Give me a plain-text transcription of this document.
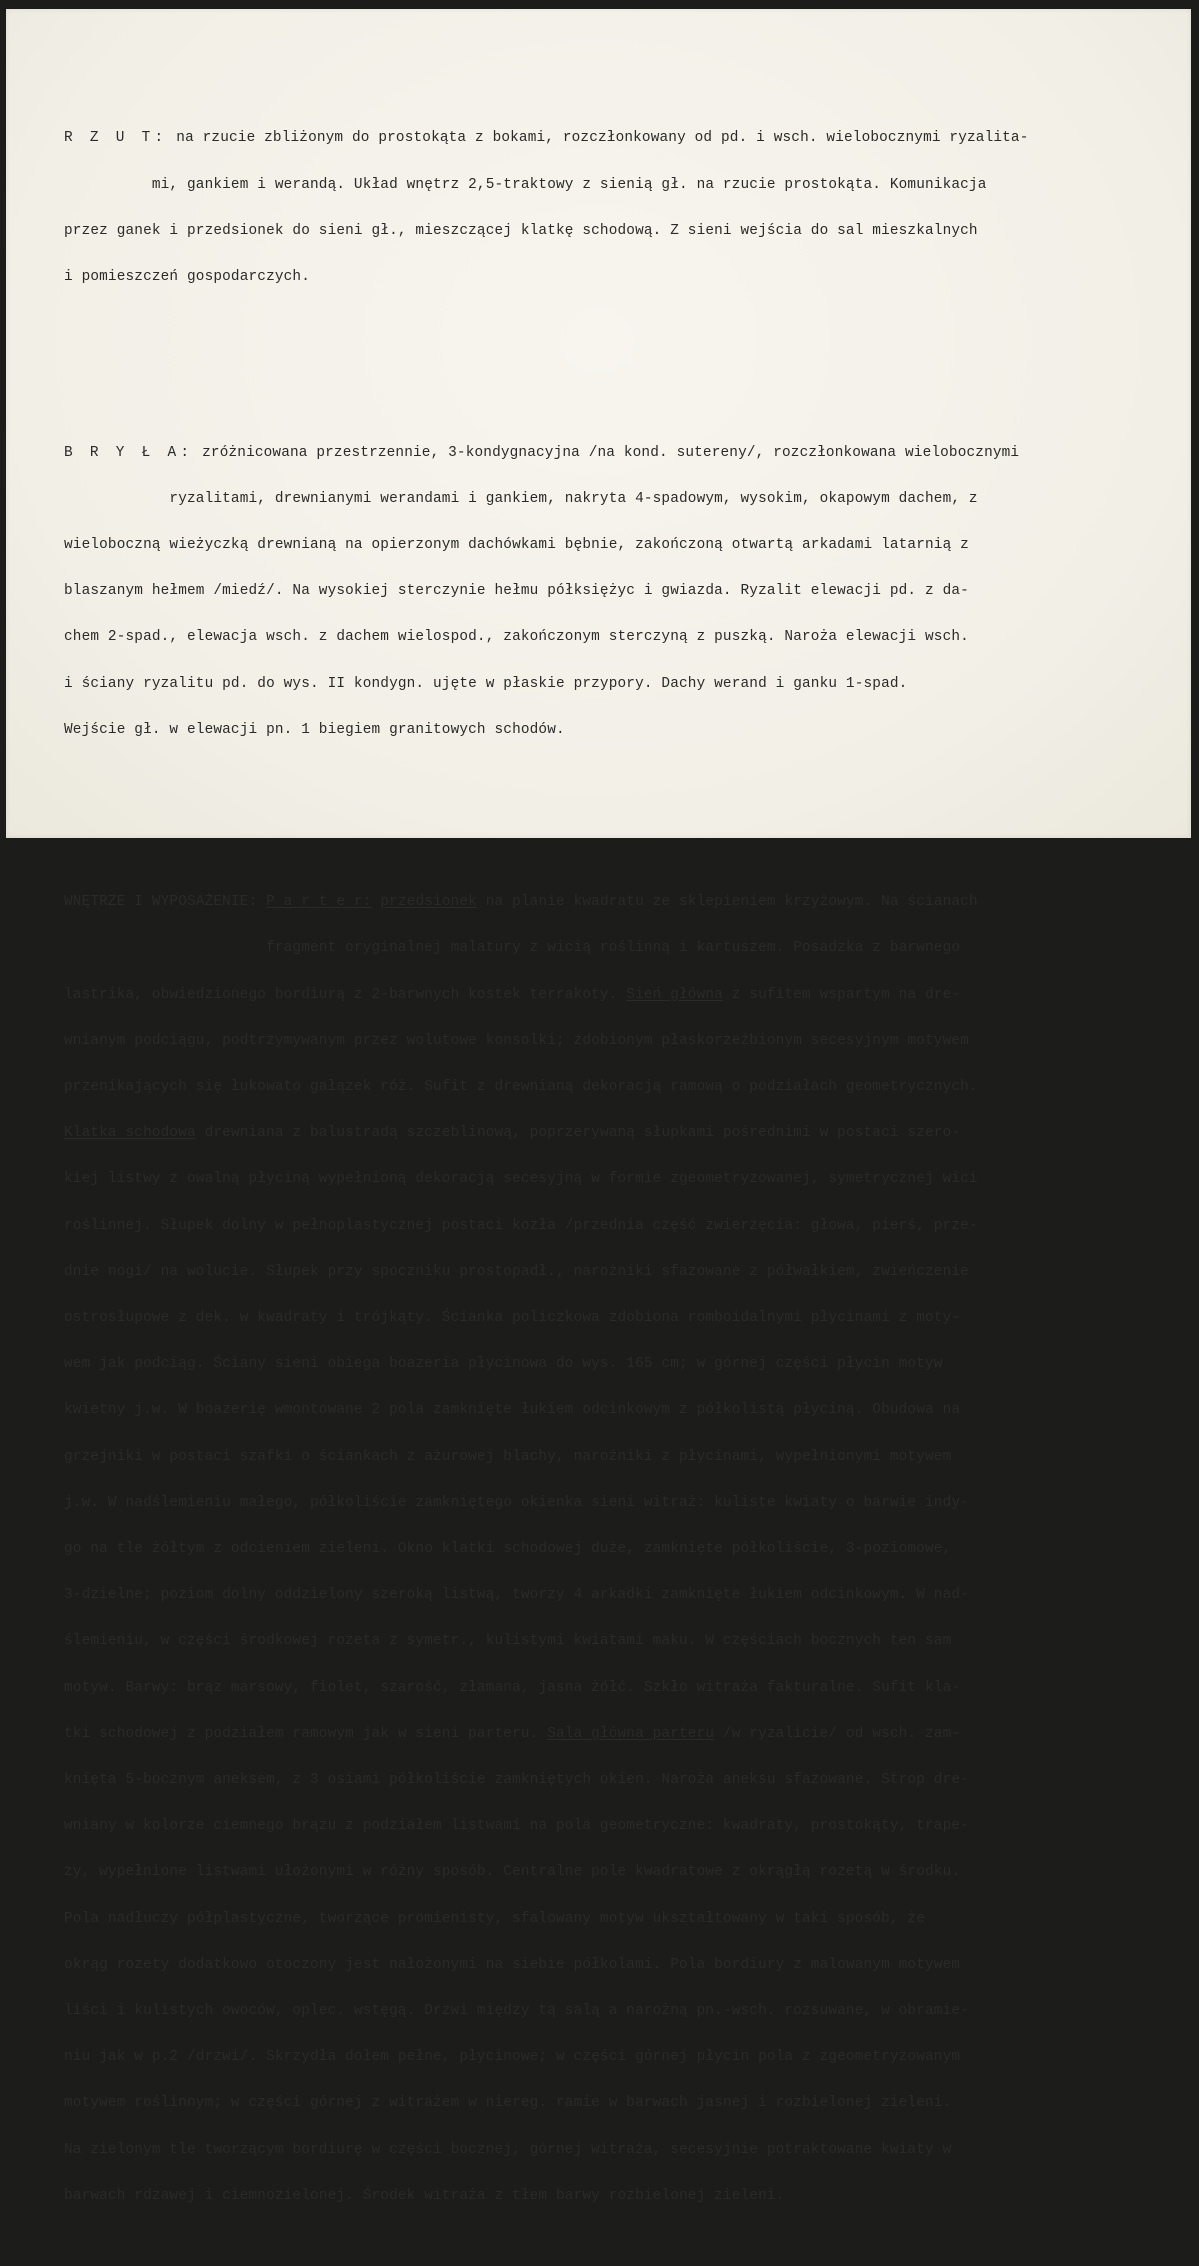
R Z U T: na rzucie zbliżonym do prostokąta z bokami, rozczłonkowany od pd. i wsch. wielobocznymi ryzalita-

mi, gankiem i werandą. Układ wnętrz 2,5-traktowy z sienią gł. na rzucie prostokąta. Komunikacja

przez ganek i przedsionek do sieni gł., mieszczącej klatkę schodową. Z sieni wejścia do sal mieszkalnych

i pomieszczeń gospodarczych.

B R Y Ł A: zróżnicowana przestrzennie, 3-kondygnacyjna /na kond. sutereny/, rozczłonkowana wielobocznymi

ryzalitami, drewnianymi werandami i gankiem, nakryta 4-spadowym, wysokim, okapowym dachem, z

wieloboczną wieżyczką drewnianą na opierzonym dachówkami bębnie, zakończoną otwartą arkadami latarnią z

blaszanym hełmem /miedź/. Na wysokiej sterczynie hełmu półksiężyc i gwiazda. Ryzalit elewacji pd. z da-

chem 2-spad., elewacja wsch. z dachem wielospod., zakończonym sterczyną z puszką. Naroża elewacji wsch.

i ściany ryzalitu pd. do wys. II kondygn. ujęte w płaskie przypory. Dachy werand i ganku 1-spad.

Wejście gł. w elewacji pn. 1 biegiem granitowych schodów.

WNĘTRZE I WYPOSAŻENIE: P a r t e r: przedsionek na planie kwadratu ze sklepieniem krzyżowym. Na ścianach

fragment oryginalnej malatury z wicią roślinną i kartuszem. Posadzka z barwnego

lastrika, obwiedzionego bordiurą z 2-barwnych kostek terrakoty. Sień główna z sufitem wspartym na dre-

wnianym podciągu, podtrzymywanym przez wolutowe konsolki; zdobionym płaskorzeźbionym secesyjnym motywem

przenikających się łukowato gałązek róż. Sufit z drewnianą dekoracją ramową o podziałach geometrycznych.

Klatka schodowa drewniana z balustradą szczeblinową, poprzerywaną słupkami pośrednimi w postaci szero-

kiej listwy z owalną płyciną wypełnioną dekoracją secesyjną w formie zgeometryzowanej, symetrycznej wici

roślinnej. Słupek dolny w pełnoplastycznej postaci kozła /przednia część zwierzęcia: głowa, pierś, prze-

dnie nogi/ na wolucie. Słupek przy spoczniku prostopadł., narożniki sfazowane z półwałkiem, zwieńczenie

ostrosłupowe z dek. w kwadraty i trójkąty. Ścianka policzkowa zdobiona romboidalnymi płycinami z moty-

wem jak podciąg. Ściany sieni obiega boazeria płycinowa do wys. 165 cm; w górnej części płycin motyw

kwietny j.w. W boazerię wmontowane 2 pola zamknięte łukiem odcinkowym z półkolistą płyciną. Obudowa na

grzejniki w postaci szafki o ściankach z ażurowej blachy, narożniki z płycinami, wypełnionymi motywem

j.w. W nadślemieniu małego, półkoliście zamkniętego okienka sieni witraż: kuliste kwiaty o barwie indy-

go na tle żółtym z odcieniem zieleni. Okno klatki schodowej duże, zamknięte półkoliście, 3-poziomowe,

3-dzielne; poziom dolny oddzielony szeroką listwą, tworzy 4 arkadki zamknięte łukiem odcinkowym. W nad-

ślemieniu, w części środkowej rozeta z symetr., kulistymi kwiatami maku. W częściach bocznych ten sam

motyw. Barwy: brąz marsowy, fiolet, szarość, złamana, jasna żółć. Szkło witraża fakturalne. Sufit kla-

tki schodowej z podziałem ramowym jak w sieni parteru. Sala główna parteru /w ryzalicie/ od wsch. zam-

knięta 5-bocznym aneksem, z 3 osiami półkoliście zamkniętych okien. Naroża aneksu sfazowane. Strop dre-

wniany w kolorze ciemnego brązu z podziałem listwami na pola geometryczne: kwadraty, prostokąty, trape-

zy, wypełnione listwami ułożonymi w różny sposób. Centralne pole kwadratowe z okrągłą rozetą w środku.

Pola nadłuczy półplastyczne, tworzące promienisty, sfalowany motyw ukształtowany w taki sposób, że

okrąg rozety dodatkowo otoczony jest nałożonymi na siebie półkolami. Pola bordiury z malowanym motywem

liści i kulistych owoców, oplec. wstęgą. Drzwi między tą salą a narożną pn.-wsch. rozsuwane, w obramie-

niu jak w p.2 /drzwi/. Skrzydła dołem pełne, płycinowe; w części górnej płycin pola z zgeometryzowanym

motywem roślinnym; w części górnej z witrażem w niereg. ramie w barwach jasnej i rozbielonej zieleni.

Na zielonym tle tworzącym bordiurę w części bocznej, górnej witraża, secesyjnie potraktowane kwiaty w

barwach rdzawej i ciemnozielonej. Środek witraża z tłem barwy rozbielonej zieleni.
